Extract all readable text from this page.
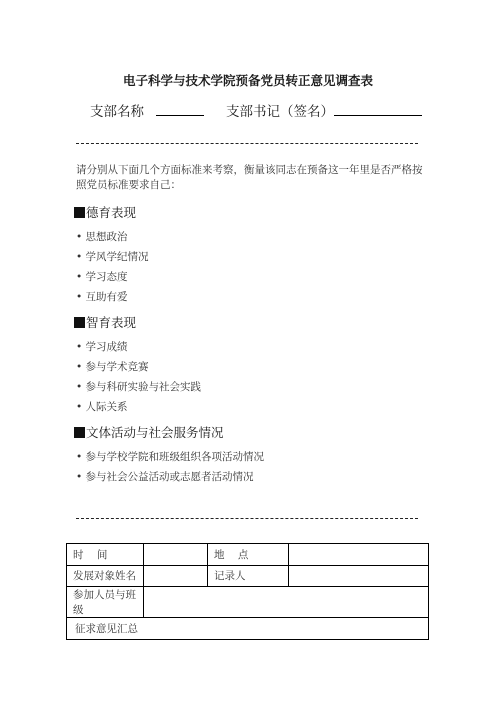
电子科学与技术学院预备党员转正意见调查表
支部名称	支部书记（签名）
请分别从下面几个方面标准来考察，衡量该同志在预备这一年里是否严格按照党员标准要求自己：
德育表现
• 思想政治
• 学风学纪情况
• 学习态度
• 互助有爱
智育表现
• 学习成绩
• 参与学术竞赛
• 参与科研实验与社会实践
• 人际关系
文体活动与社会服务情况
• 参与学校学院和班级组织各项活动情况
• 参与社会公益活动或志愿者活动情况
时    间		地    点	
发展对象姓名		记录人	
参加人员与班级			
征求意见汇总			
